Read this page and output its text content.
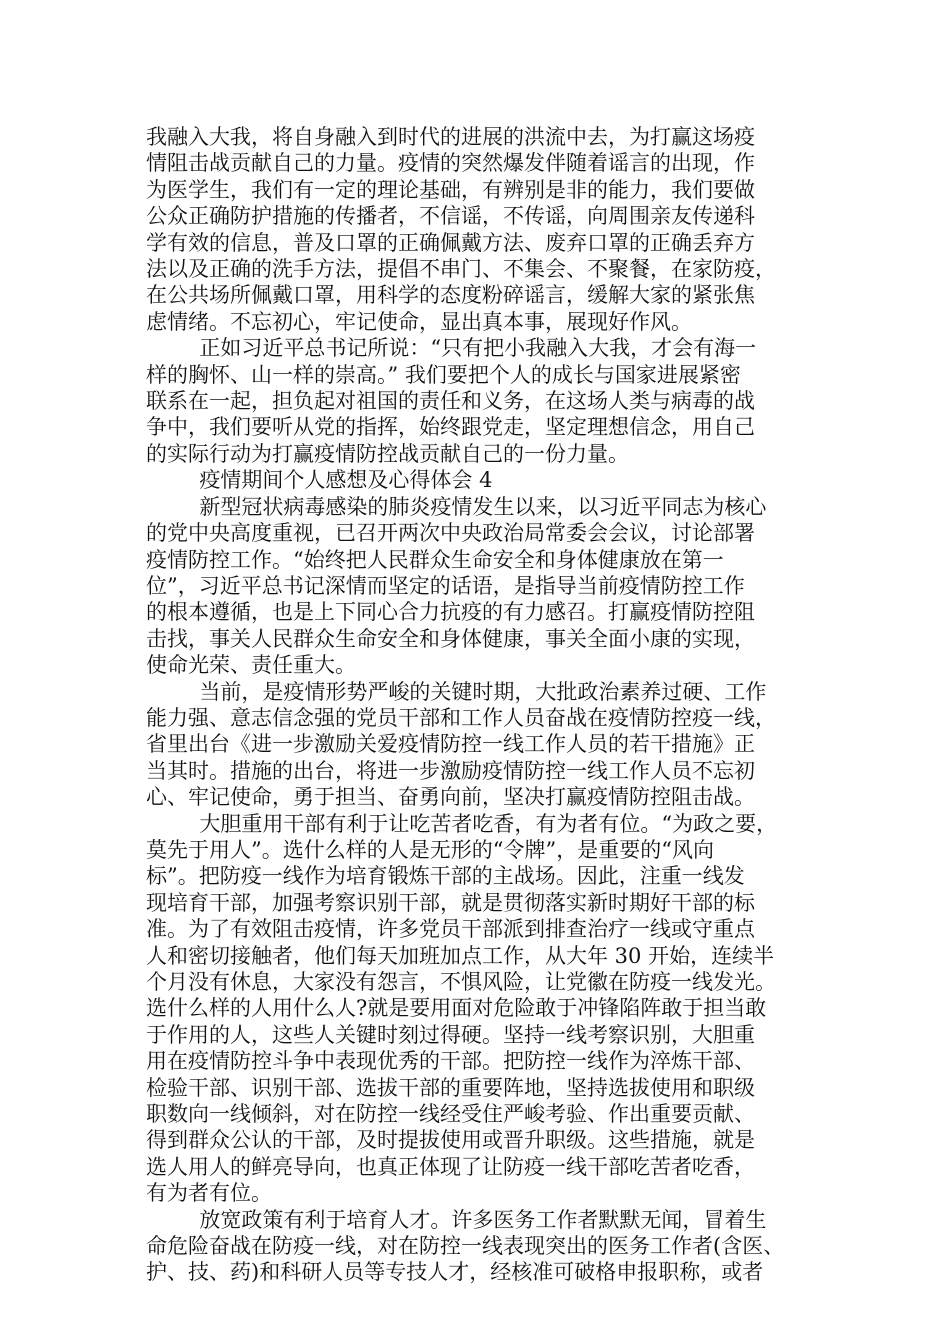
我融入大我，将自身融入到时代的进展的洪流中去，为打赢这场疫
情阻击战贡献自己的力量。疫情的突然爆发伴随着谣言的出现，作
为医学生，我们有一定的理论基础，有辨别是非的能力，我们要做
公众正确防护措施的传播者，不信谣，不传谣，向周围亲友传递科
学有效的信息，普及口罩的正确佩戴方法、废弃口罩的正确丢弃方
法以及正确的洗手方法，提倡不串门、不集会、不聚餐，在家防疫，
在公共场所佩戴口罩，用科学的态度粉碎谣言，缓解大家的紧张焦
虑情绪。不忘初心，牢记使命，显出真本事，展现好作风。

正如习近平总书记所说：“只有把小我融入大我，才会有海一
样的胸怀、山一样的崇高。” 我们要把个人的成长与国家进展紧密
联系在一起，担负起对祖国的责任和义务，在这场人类与病毒的战
争中，我们要听从党的指挥，始终跟党走，坚定理想信念，用自己
的实际行动为打赢疫情防控战贡献自己的一份力量。

疫情期间个人感想及心得体会 4

新型冠状病毒感染的肺炎疫情发生以来，以习近平同志为核心
的党中央高度重视，已召开两次中央政治局常委会会议，讨论部署
疫情防控工作。“始终把人民群众生命安全和身体健康放在第一
位”，习近平总书记深情而坚定的话语，是指导当前疫情防控工作
的根本遵循，也是上下同心合力抗疫的有力感召。打赢疫情防控阻
击找，事关人民群众生命安全和身体健康，事关全面小康的实现，
使命光荣、责任重大。

当前，是疫情形势严峻的关键时期，大批政治素养过硬、工作
能力强、意志信念强的党员干部和工作人员奋战在疫情防控疫一线，
省里出台《进一步激励关爱疫情防控一线工作人员的若干措施》正
当其时。措施的出台，将进一步激励疫情防控一线工作人员不忘初
心、牢记使命，勇于担当、奋勇向前，坚决打赢疫情防控阻击战。

大胆重用干部有利于让吃苦者吃香，有为者有位。“为政之要，
莫先于用人”。选什么样的人是无形的“令牌”，是重要的“风向
标”。把防疫一线作为培育锻炼干部的主战场。因此，注重一线发
现培育干部，加强考察识别干部，就是贯彻落实新时期好干部的标
准。为了有效阻击疫情，许多党员干部派到排查治疗一线或守重点
人和密切接触者，他们每天加班加点工作，从大年 30 开始，连续半
个月没有休息，大家没有怨言，不惧风险，让党徽在防疫一线发光。
选什么样的人用什么人?就是要用面对危险敢于冲锋陷阵敢于担当敢
于作用的人，这些人关键时刻过得硬。坚持一线考察识别，大胆重
用在疫情防控斗争中表现优秀的干部。把防控一线作为淬炼干部、
检验干部、识别干部、选拔干部的重要阵地，坚持选拔使用和职级
职数向一线倾斜，对在防控一线经受住严峻考验、作出重要贡献、
得到群众公认的干部，及时提拔使用或晋升职级。这些措施，就是
选人用人的鲜亮导向，也真正体现了让防疫一线干部吃苦者吃香，
有为者有位。

放宽政策有利于培育人才。许多医务工作者默默无闻，冒着生
命危险奋战在防疫一线，对在防控一线表现突出的医务工作者(含医、
护、技、药)和科研人员等专技人才，经核准可破格申报职称，或者
